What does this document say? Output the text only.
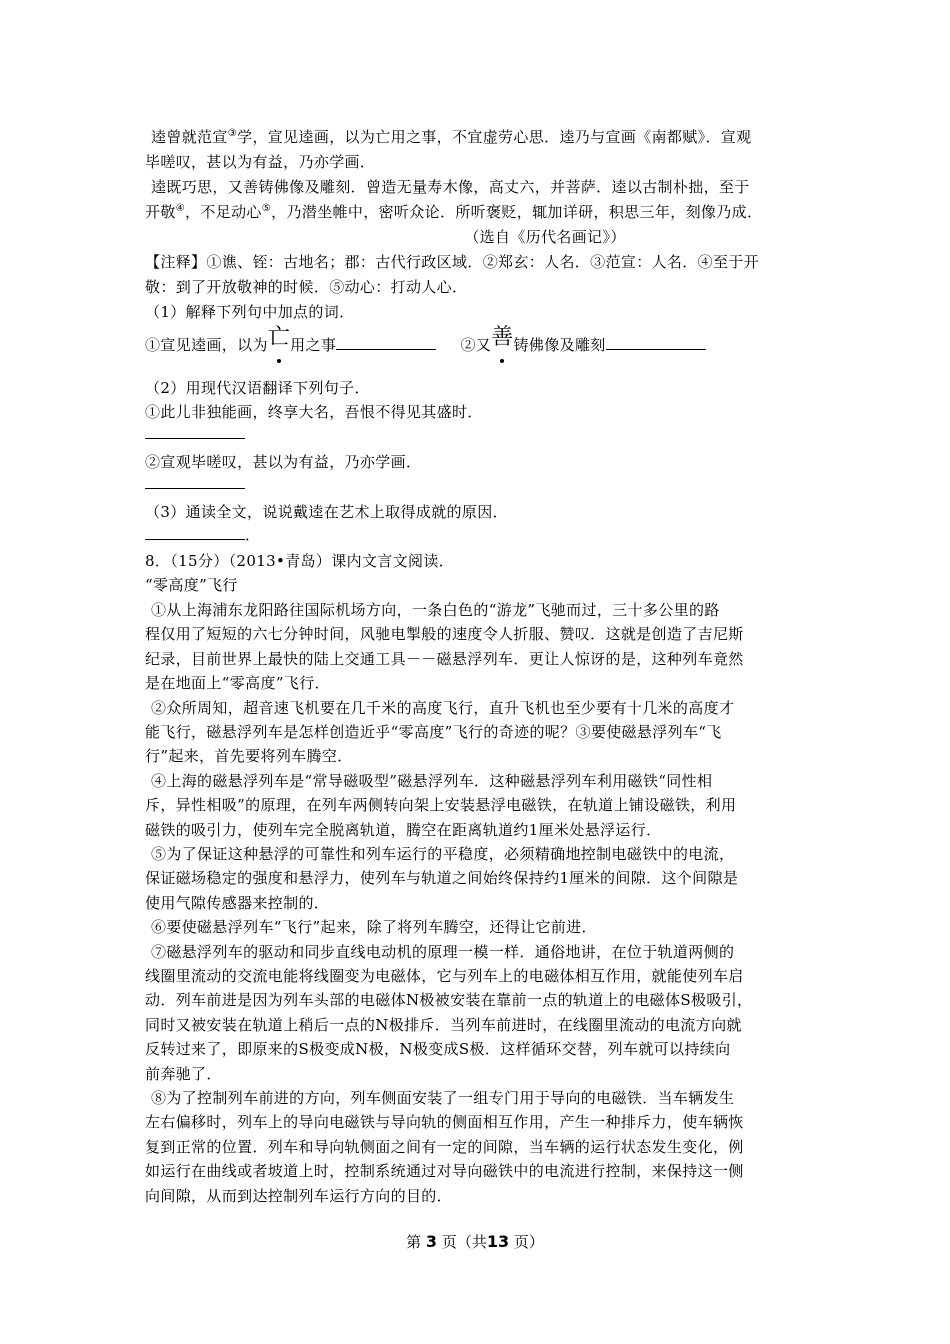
逵曾就范宣③学，宣见逵画，以为亡用之事，不宜虚劳心思．逵乃与宣画《南都赋》．宣观
毕嗟叹，甚以为有益，乃亦学画．
逵既巧思，又善铸佛像及雕刻．曾造无量寿木像，高丈六，并菩萨．逵以古制朴拙，至于
开敬④，不足动心⑤，乃潜坐帷中，密听众论．所听褒贬，辄加详研，积思三年，刻像乃成．
（选自《历代名画记》）
【注释】①谯、铚：古地名；郡：古代行政区域．②郑玄：人名．③范宣：人名．④至于开
敬：到了开放敬神的时候．⑤动心：打动人心．
（1）解释下列句中加点的词．
①宣见逵画，以为亡
用之事	②又善
铸佛像及雕刻
（2）用现代汉语翻译下列句子．
①此儿非独能画，终享大名，吾恨不得见其盛时．
②宣观毕嗟叹，甚以为有益，乃亦学画．
（3）通读全文，说说戴逵在艺术上取得成就的原因．
．
8．（15分）（2013•青岛）课内文言文阅读．
“零高度”飞行
①从上海浦东龙阳路往国际机场方向，一条白色的“游龙”飞驰而过，三十多公里的路
程仅用了短短的六七分钟时间，风驰电掣般的速度令人折服、赞叹．这就是创造了吉尼斯
纪录，目前世界上最快的陆上交通工具－－磁悬浮列车．更让人惊讶的是，这种列车竟然
是在地面上“零高度”飞行．
②众所周知，超音速飞机要在几千米的高度飞行，直升飞机也至少要有十几米的高度才
能飞行，磁悬浮列车是怎样创造近乎“零高度”飞行的奇迹的呢？③要使磁悬浮列车“飞
行”起来，首先要将列车腾空．
④上海的磁悬浮列车是“常导磁吸型”磁悬浮列车．这种磁悬浮列车利用磁铁“同性相
斥，异性相吸”的原理，在列车两侧转向架上安装悬浮电磁铁，在轨道上铺设磁铁，利用
磁铁的吸引力，使列车完全脱离轨道，腾空在距离轨道约1厘米处悬浮运行．
⑤为了保证这种悬浮的可靠性和列车运行的平稳度，必须精确地控制电磁铁中的电流，
保证磁场稳定的强度和悬浮力，使列车与轨道之间始终保持约1厘米的间隙．这个间隙是
使用气隙传感器来控制的．
⑥要使磁悬浮列车“飞行”起来，除了将列车腾空，还得让它前进．
⑦磁悬浮列车的驱动和同步直线电动机的原理一模一样．通俗地讲，在位于轨道两侧的
线圈里流动的交流电能将线圈变为电磁体，它与列车上的电磁体相互作用，就能使列车启
动．列车前进是因为列车头部的电磁体N极被安装在靠前一点的轨道上的电磁体S极吸引，
同时又被安装在轨道上稍后一点的N极排斥．当列车前进时，在线圈里流动的电流方向就
反转过来了，即原来的S极变成N极，N极变成S极．这样循环交替，列车就可以持续向
前奔驰了．
⑧为了控制列车前进的方向，列车侧面安装了一组专门用于导向的电磁铁．当车辆发生
左右偏移时，列车上的导向电磁铁与导向轨的侧面相互作用，产生一种排斥力，使车辆恢
复到正常的位置．列车和导向轨侧面之间有一定的间隙，当车辆的运行状态发生变化，例
如运行在曲线或者坡道上时，控制系统通过对导向磁铁中的电流进行控制，来保持这一侧
向间隙，从而到达控制列车运行方向的目的．
第 3 页（共13 页）
